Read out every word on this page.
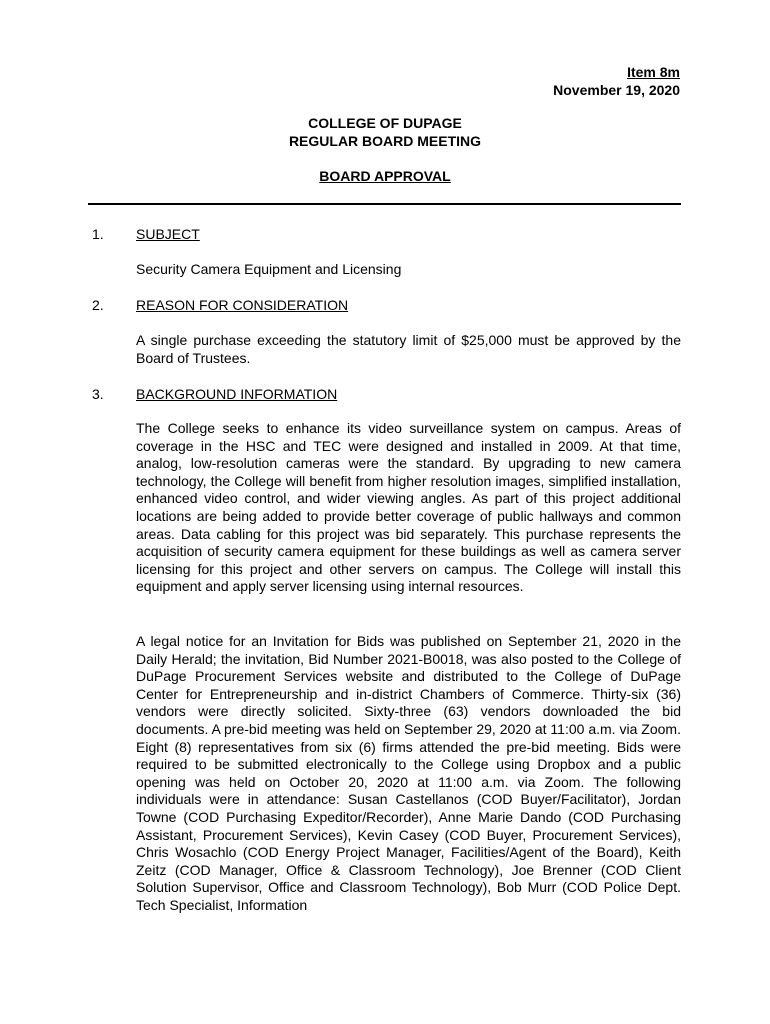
Item 8m
November 19, 2020
COLLEGE OF DUPAGE
REGULAR BOARD MEETING
BOARD APPROVAL
1. SUBJECT
Security Camera Equipment and Licensing
2. REASON FOR CONSIDERATION
A single purchase exceeding the statutory limit of $25,000 must be approved by the Board of Trustees.
3. BACKGROUND INFORMATION
The College seeks to enhance its video surveillance system on campus. Areas of coverage in the HSC and TEC were designed and installed in 2009. At that time, analog, low-resolution cameras were the standard. By upgrading to new camera technology, the College will benefit from higher resolution images, simplified installation, enhanced video control, and wider viewing angles. As part of this project additional locations are being added to provide better coverage of public hallways and common areas. Data cabling for this project was bid separately. This purchase represents the acquisition of security camera equipment for these buildings as well as camera server licensing for this project and other servers on campus. The College will install this equipment and apply server licensing using internal resources.
A legal notice for an Invitation for Bids was published on September 21, 2020 in the Daily Herald; the invitation, Bid Number 2021-B0018, was also posted to the College of DuPage Procurement Services website and distributed to the College of DuPage Center for Entrepreneurship and in-district Chambers of Commerce. Thirty-six (36) vendors were directly solicited. Sixty-three (63) vendors downloaded the bid documents. A pre-bid meeting was held on September 29, 2020 at 11:00 a.m. via Zoom. Eight (8) representatives from six (6) firms attended the pre-bid meeting. Bids were required to be submitted electronically to the College using Dropbox and a public opening was held on October 20, 2020 at 11:00 a.m. via Zoom. The following individuals were in attendance: Susan Castellanos (COD Buyer/Facilitator), Jordan Towne (COD Purchasing Expeditor/Recorder), Anne Marie Dando (COD Purchasing Assistant, Procurement Services), Kevin Casey (COD Buyer, Procurement Services), Chris Wosachlo (COD Energy Project Manager, Facilities/Agent of the Board), Keith Zeitz (COD Manager, Office & Classroom Technology), Joe Brenner (COD Client Solution Supervisor, Office and Classroom Technology), Bob Murr (COD Police Dept. Tech Specialist, Information
